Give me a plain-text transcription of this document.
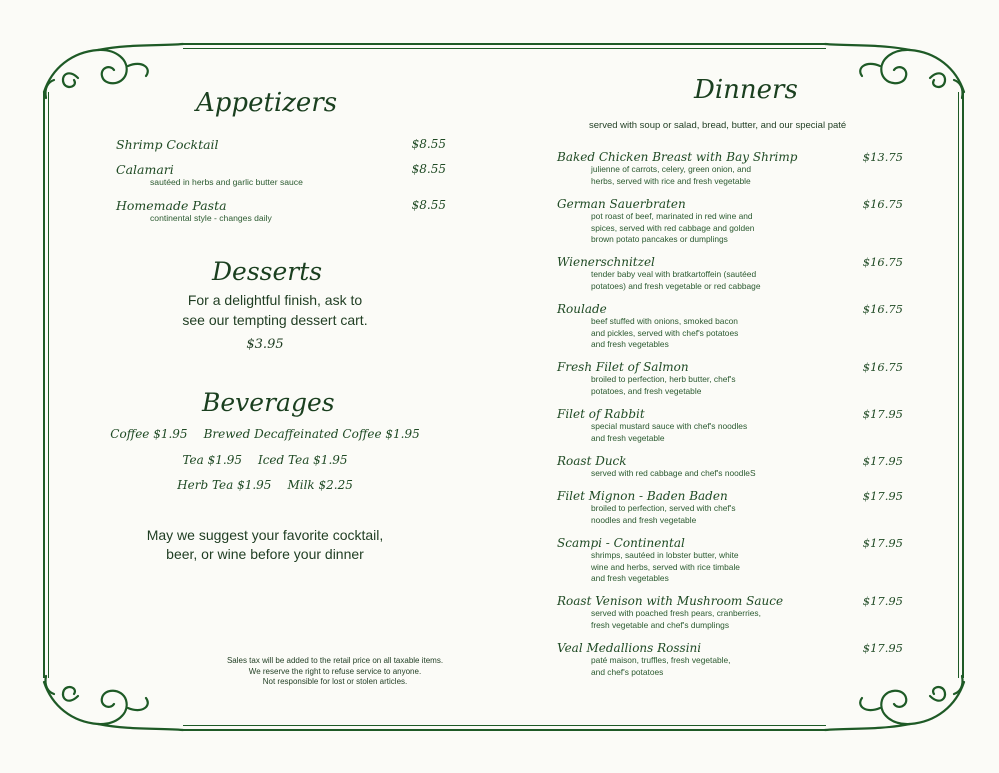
Appetizers
Shrimp Cocktail	$8.55
Calamari	$8.55
sautéed in herbs and garlic butter sauce
Homemade Pasta	$8.55
continental style - changes daily
Desserts
For a delightful finish, ask to
see our tempting dessert cart.
$3.95
Beverages
Coffee $1.95 Brewed Decaffeinated Coffee $1.95
Tea $1.95 Iced Tea $1.95
Herb Tea $1.95 Milk $2.25
May we suggest your favorite cocktail,
beer, or wine before your dinner
Sales tax will be added to the retail price on all taxable items.
We reserve the right to refuse service to anyone.
Not responsible for lost or stolen articles.
Dinners
served with soup or salad, bread, butter, and our special paté
Baked Chicken Breast with Bay Shrimp	$13.75
julienne of carrots, celery, green onion, and
herbs, served with rice and fresh vegetable
German Sauerbraten	$16.75
pot roast of beef, marinated in red wine and
spices, served with red cabbage and golden
brown potato pancakes or dumplings
Wienerschnitzel	$16.75
tender baby veal with bratkartoffein (sautéed
potatoes) and fresh vegetable or red cabbage
Roulade	$16.75
beef stuffed with onions, smoked bacon
and pickles, served with chef's potatoes
and fresh vegetables
Fresh Filet of Salmon	$16.75
broiled to perfection, herb butter, chef's
potatoes, and fresh vegetable
Filet of Rabbit	$17.95
special mustard sauce with chef's noodles
and fresh vegetable
Roast Duck	$17.95
served with red cabbage and chef's noodleS
Filet Mignon - Baden Baden	$17.95
broiled to perfection, served with chef's
noodles and fresh vegetable
Scampi - Continental	$17.95
shrimps, sautéed in lobster butter, white
wine and herbs, served with rice timbale
and fresh vegetables
Roast Venison with Mushroom Sauce	$17.95
served with poached fresh pears, cranberries,
fresh vegetable and chef's dumplings
Veal Medallions Rossini	$17.95
paté maison, truffles, fresh vegetable,
and chef's potatoes
